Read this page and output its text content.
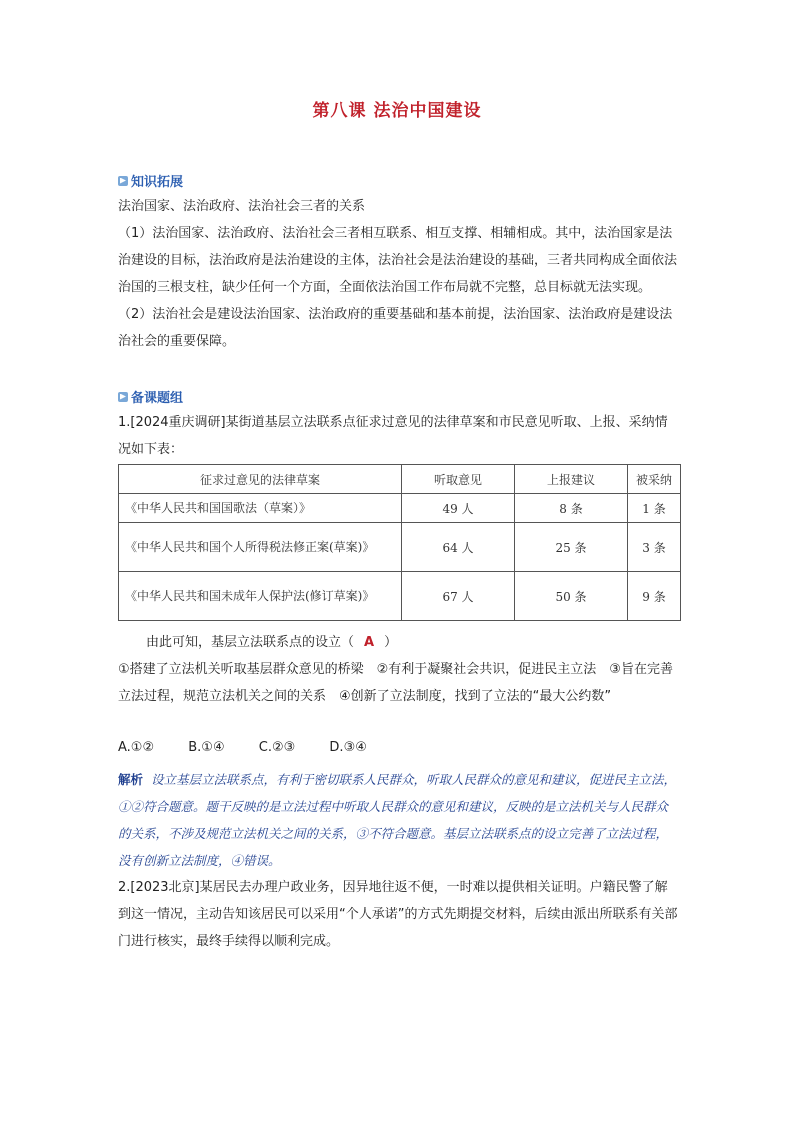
第八课 法治中国建设
知识拓展

法治国家、法治政府、法治社会三者的关系

（1）法治国家、法治政府、法治社会三者相互联系、相互支撑、相辅相成。其中，法治国家是法治建设的目标，法治政府是法治建设的主体，法治社会是法治建设的基础，三者共同构成全面依法治国的三根支柱，缺少任何一个方面，全面依法治国工作布局就不完整，总目标就无法实现。

（2）法治社会是建设法治国家、法治政府的重要基础和基本前提，法治国家、法治政府是建设法治社会的重要保障。

备课题组
1.[2024重庆调研]某街道基层立法联系点征求过意见的法律草案和市民意见听取、上报、采纳情况如下表：
征求过意见的法律草案	听取意见	上报建议	被采纳
《中华人民共和国国歌法（草案）》	49 人	8 条	1 条
《中华人民共和国个人所得税法修正案(草案)》	64 人	25 条	3 条
《中华人民共和国未成年人保护法(修订草案)》	67 人	50 条	9 条

由此可知，基层立法联系点的设立（ A ）

①搭建了立法机关听取基层群众意见的桥梁　②有利于凝聚社会共识，促进民主立法　③旨在完善立法过程，规范立法机关之间的关系　④创新了立法制度，找到了立法的“最大公约数”

A.①②	B.①④	C.②③	D.③④
解析 设立基层立法联系点，有利于密切联系人民群众，听取人民群众的意见和建议，促进民主立法，①②符合题意。题干反映的是立法过程中听取人民群众的意见和建议，反映的是立法机关与人民群众的关系，不涉及规范立法机关之间的关系，③不符合题意。基层立法联系点的设立完善了立法过程，没有创新立法制度，④错误。
2.[2023北京]某居民去办理户政业务，因异地往返不便，一时难以提供相关证明。户籍民警了解到这一情况，主动告知该居民可以采用“个人承诺”的方式先期提交材料，后续由派出所联系有关部门进行核实，最终手续得以顺利完成。
